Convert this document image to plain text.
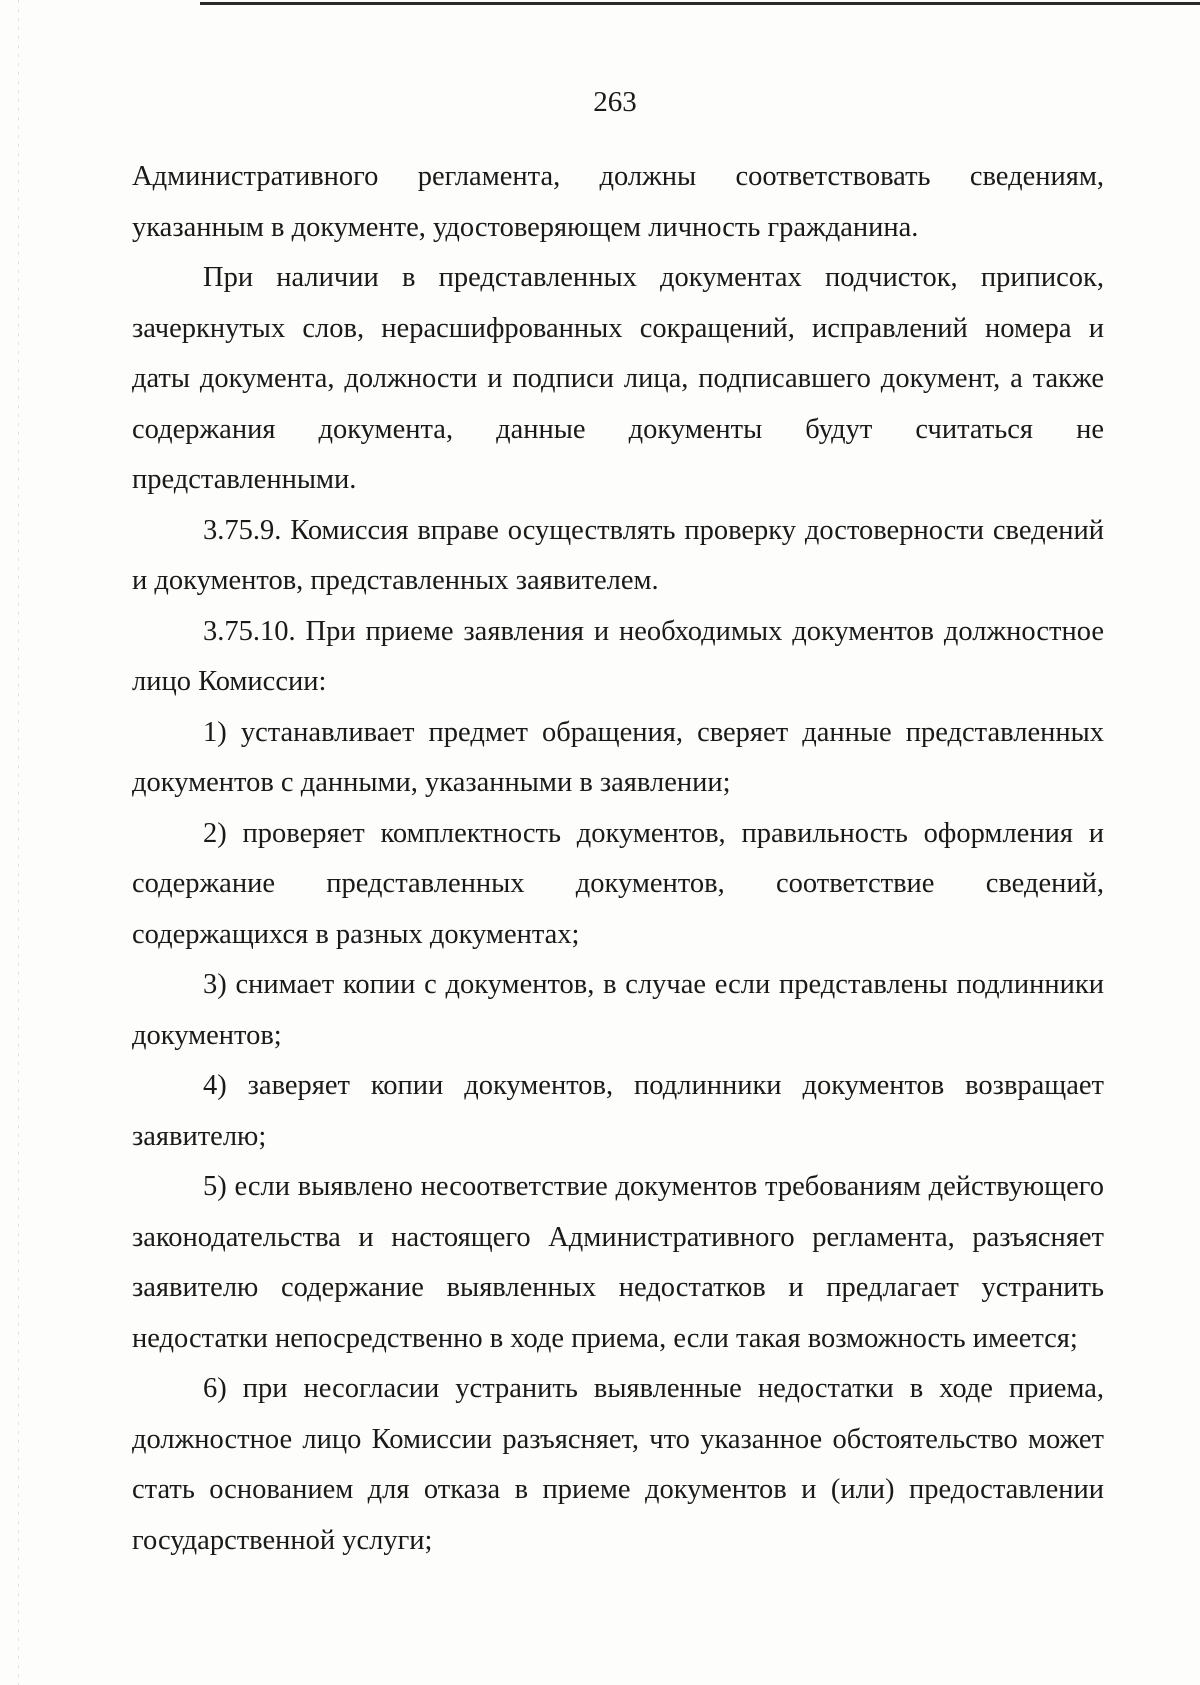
263

Административного регламента, должны соответствовать сведениям, указанным в документе, удостоверяющем личность гражданина.

При наличии в представленных документах подчисток, приписок, зачеркнутых слов, нерасшифрованных сокращений, исправлений номера и даты документа, должности и подписи лица, подписавшего документ, а также содержания документа, данные документы будут считаться не представленными.

3.75.9. Комиссия вправе осуществлять проверку достоверности сведений и документов, представленных заявителем.

3.75.10. При приеме заявления и необходимых документов должностное лицо Комиссии:

1) устанавливает предмет обращения, сверяет данные представленных документов с данными, указанными в заявлении;

2) проверяет комплектность документов, правильность оформления и содержание представленных документов, соответствие сведений, содержащихся в разных документах;

3) снимает копии с документов, в случае если представлены подлинники документов;

4) заверяет копии документов, подлинники документов возвращает заявителю;

5) если выявлено несоответствие документов требованиям действующего законодательства и настоящего Административного регламента, разъясняет заявителю содержание выявленных недостатков и предлагает устранить недостатки непосредственно в ходе приема, если такая возможность имеется;

6) при несогласии устранить выявленные недостатки в ходе приема, должностное лицо Комиссии разъясняет, что указанное обстоятельство может стать основанием для отказа в приеме документов и (или) предоставлении государственной услуги;
